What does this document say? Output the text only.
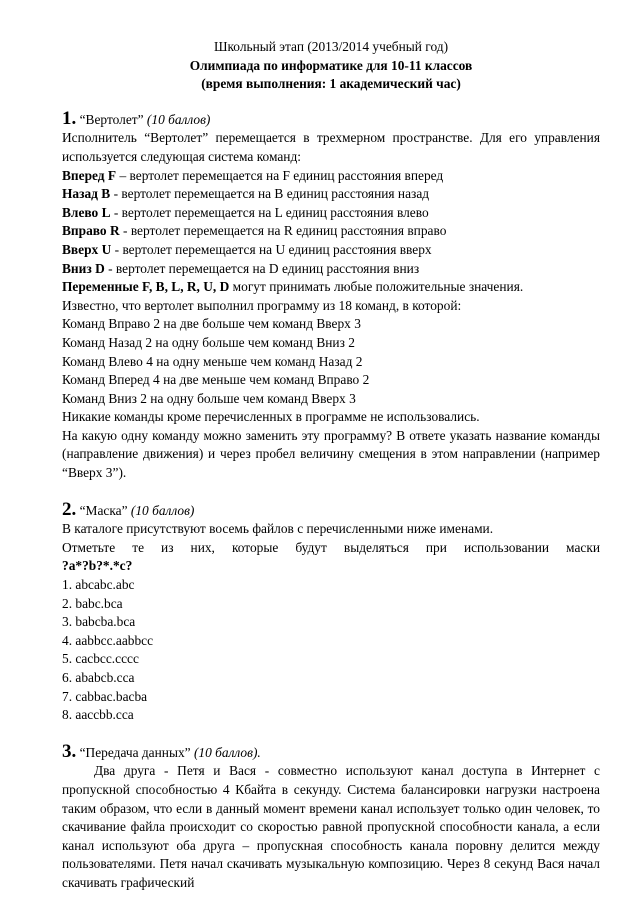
Школьный этап (2013/2014 учебный год)
Олимпиада по информатике для 10-11 классов
(время выполнения: 1 академический час)
1. “Вертолет” (10 баллов)
Исполнитель “Вертолет” перемещается в трехмерном пространстве. Для его управления используется следующая система команд:
Вперед F – вертолет перемещается на F единиц расстояния вперед
Назад B - вертолет перемещается на B единиц расстояния назад
Влево L - вертолет перемещается на L единиц расстояния влево
Вправо R - вертолет перемещается на R единиц расстояния вправо
Вверх U - вертолет перемещается на U единиц расстояния вверх
Вниз D - вертолет перемещается на D единиц расстояния вниз
Переменные F, B, L, R, U, D могут принимать любые положительные значения.
Известно, что вертолет выполнил программу из 18 команд, в которой:
Команд Вправо 2 на две больше чем команд Вверх 3
Команд Назад 2 на одну больше чем команд Вниз 2
Команд Влево 4 на одну меньше чем команд Назад 2
Команд Вперед 4 на две меньше чем команд Вправо 2
Команд Вниз 2 на одну больше чем команд Вверх 3
Никакие команды кроме перечисленных в программе не использовались.
На какую одну команду можно заменить эту программу? В ответе указать название команды (направление движения) и через пробел величину смещения в этом направлении (например “Вверх 3”).
2. “Маска” (10 баллов)
В каталоге присутствуют восемь файлов с перечисленными ниже именами.
Отметьте те из них, которые будут выделяться при использовании маски
?a*?b?*.*c?
1. abcabc.abc
2. babc.bca
3. babcba.bca
4. aabbcc.aabbcc
5. cacbcc.cccc
6. ababcb.cca
7. cabbac.bacba
8. aaccbb.cca
3. “Передача данных” (10 баллов).
Два друга - Петя и Вася - совместно используют канал доступа в Интернет с пропускной способностью 4 Кбайта в секунду. Система балансировки нагрузки настроена таким образом, что если в данный момент времени канал использует только один человек, то скачивание файла происходит со скоростью равной пропускной способности канала, а если канал используют оба друга – пропускная способность канала поровну делится между пользователями. Петя начал скачивать музыкальную композицию. Через 8 секунд Вася начал скачивать графический
